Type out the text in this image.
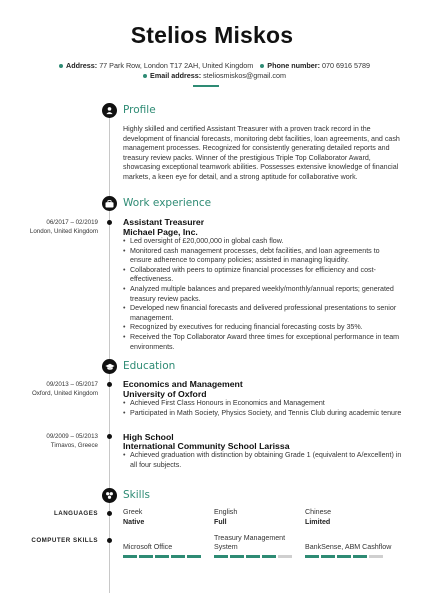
Stelios Miskos
Address: 77 Park Row, London T17 2AH, United Kingdom Phone number: 070 6916 5789
Email address: steliosmiskos@gmail.com
Profile
Highly skilled and certified Assistant Treasurer with a proven track record in the development of financial forecasts, monitoring debt facilities, loan agreements, and cash management processes. Recognized for consistently generating detailed reports and treasury review packs. Winner of the prestigious Triple Top Collaborator Award, showcasing exceptional teamwork abilities. Possesses extensive knowledge of financial markets, a keen eye for detail, and a strong aptitude for collaborative work.
Work experience
06/2017 – 02/2019
London, United Kingdom
Assistant Treasurer
Michael Page, Inc.
• Led oversight of £20,000,000 in global cash flow.
• Monitored cash management processes, debt facilities, and loan agreements to ensure adherence to company policies; assisted in managing liquidity.
• Collaborated with peers to optimize financial processes for efficiency and cost-effectiveness.
• Analyzed multiple balances and prepared weekly/monthly/annual reports; generated treasury review packs.
• Developed new financial forecasts and delivered professional presentations to senior management.
• Recognized by executives for reducing financial forecasting costs by 35%.
• Received the Top Collaborator Award three times for exceptional performance in team environments.
Education
09/2013 – 05/2017
Oxford, United Kingdom
Economics and Management
University of Oxford
• Achieved First Class Honours in Economics and Management
• Participated in Math Society, Physics Society, and Tennis Club during academic tenure
09/2009 – 05/2013
Tirnavos, Greece
High School
International Community School Larissa
• Achieved graduation with distinction by obtaining Grade 1 (equivalent to A/excellent) in all four subjects.
Skills
LANGUAGES	Greek
Native
English
Full
Chinese
Limited
COMPUTER SKILLS
Microsoft Office
Treasury Management System	BankSense, ABM Cashflow
